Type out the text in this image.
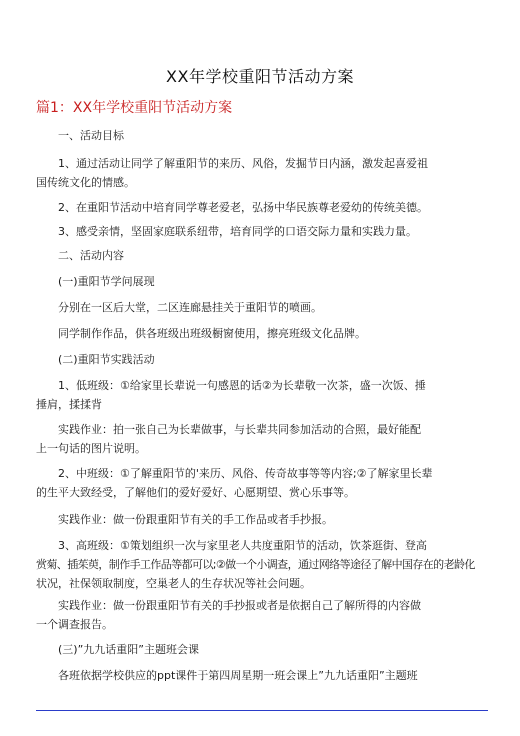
XX年学校重阳节活动方案
篇1：XX年学校重阳节活动方案
一、活动目标
1、通过活动让同学了解重阳节的来历、风俗，发掘节日内涵，激发起喜爱祖
国传统文化的情感。
2、在重阳节活动中培育同学尊老爱老，弘扬中华民族尊老爱幼的传统美德。
3、感受亲情，坚固家庭联系纽带，培育同学的口语交际力量和实践力量。
二、活动内容
(一)重阳节学问展现
分别在一区后大堂，二区连廊悬挂关于重阳节的喷画。
同学制作作品，供各班级出班级橱窗使用，擦亮班级文化品牌。
(二)重阳节实践活动
1、低班级：①给家里长辈说一句感恩的话②为长辈敬一次茶，盛一次饭、捶
捶肩，揉揉背
实践作业：拍一张自己为长辈做事，与长辈共同参加活动的合照，最好能配
上一句话的图片说明。
2、中班级：①了解重阳节的'来历、风俗、传奇故事等等内容;②了解家里长辈
的生平大致经受，了解他们的爱好爱好、心愿期望、赏心乐事等。
实践作业：做一份跟重阳节有关的手工作品或者手抄报。
3、高班级：①策划组织一次与家里老人共度重阳节的活动，饮茶逛街、登高
赏菊、插茱萸，制作手工作品等都可以;②做一个小调查，通过网络等途径了解中国存在的老龄化
状况，社保领取制度，空巢老人的生存状况等社会问题。
实践作业：做一份跟重阳节有关的手抄报或者是依据自己了解所得的内容做
一个调查报告。
(三)”九九话重阳”主题班会课
各班依据学校供应的ppt课件于第四周星期一班会课上”九九话重阳”主题班
